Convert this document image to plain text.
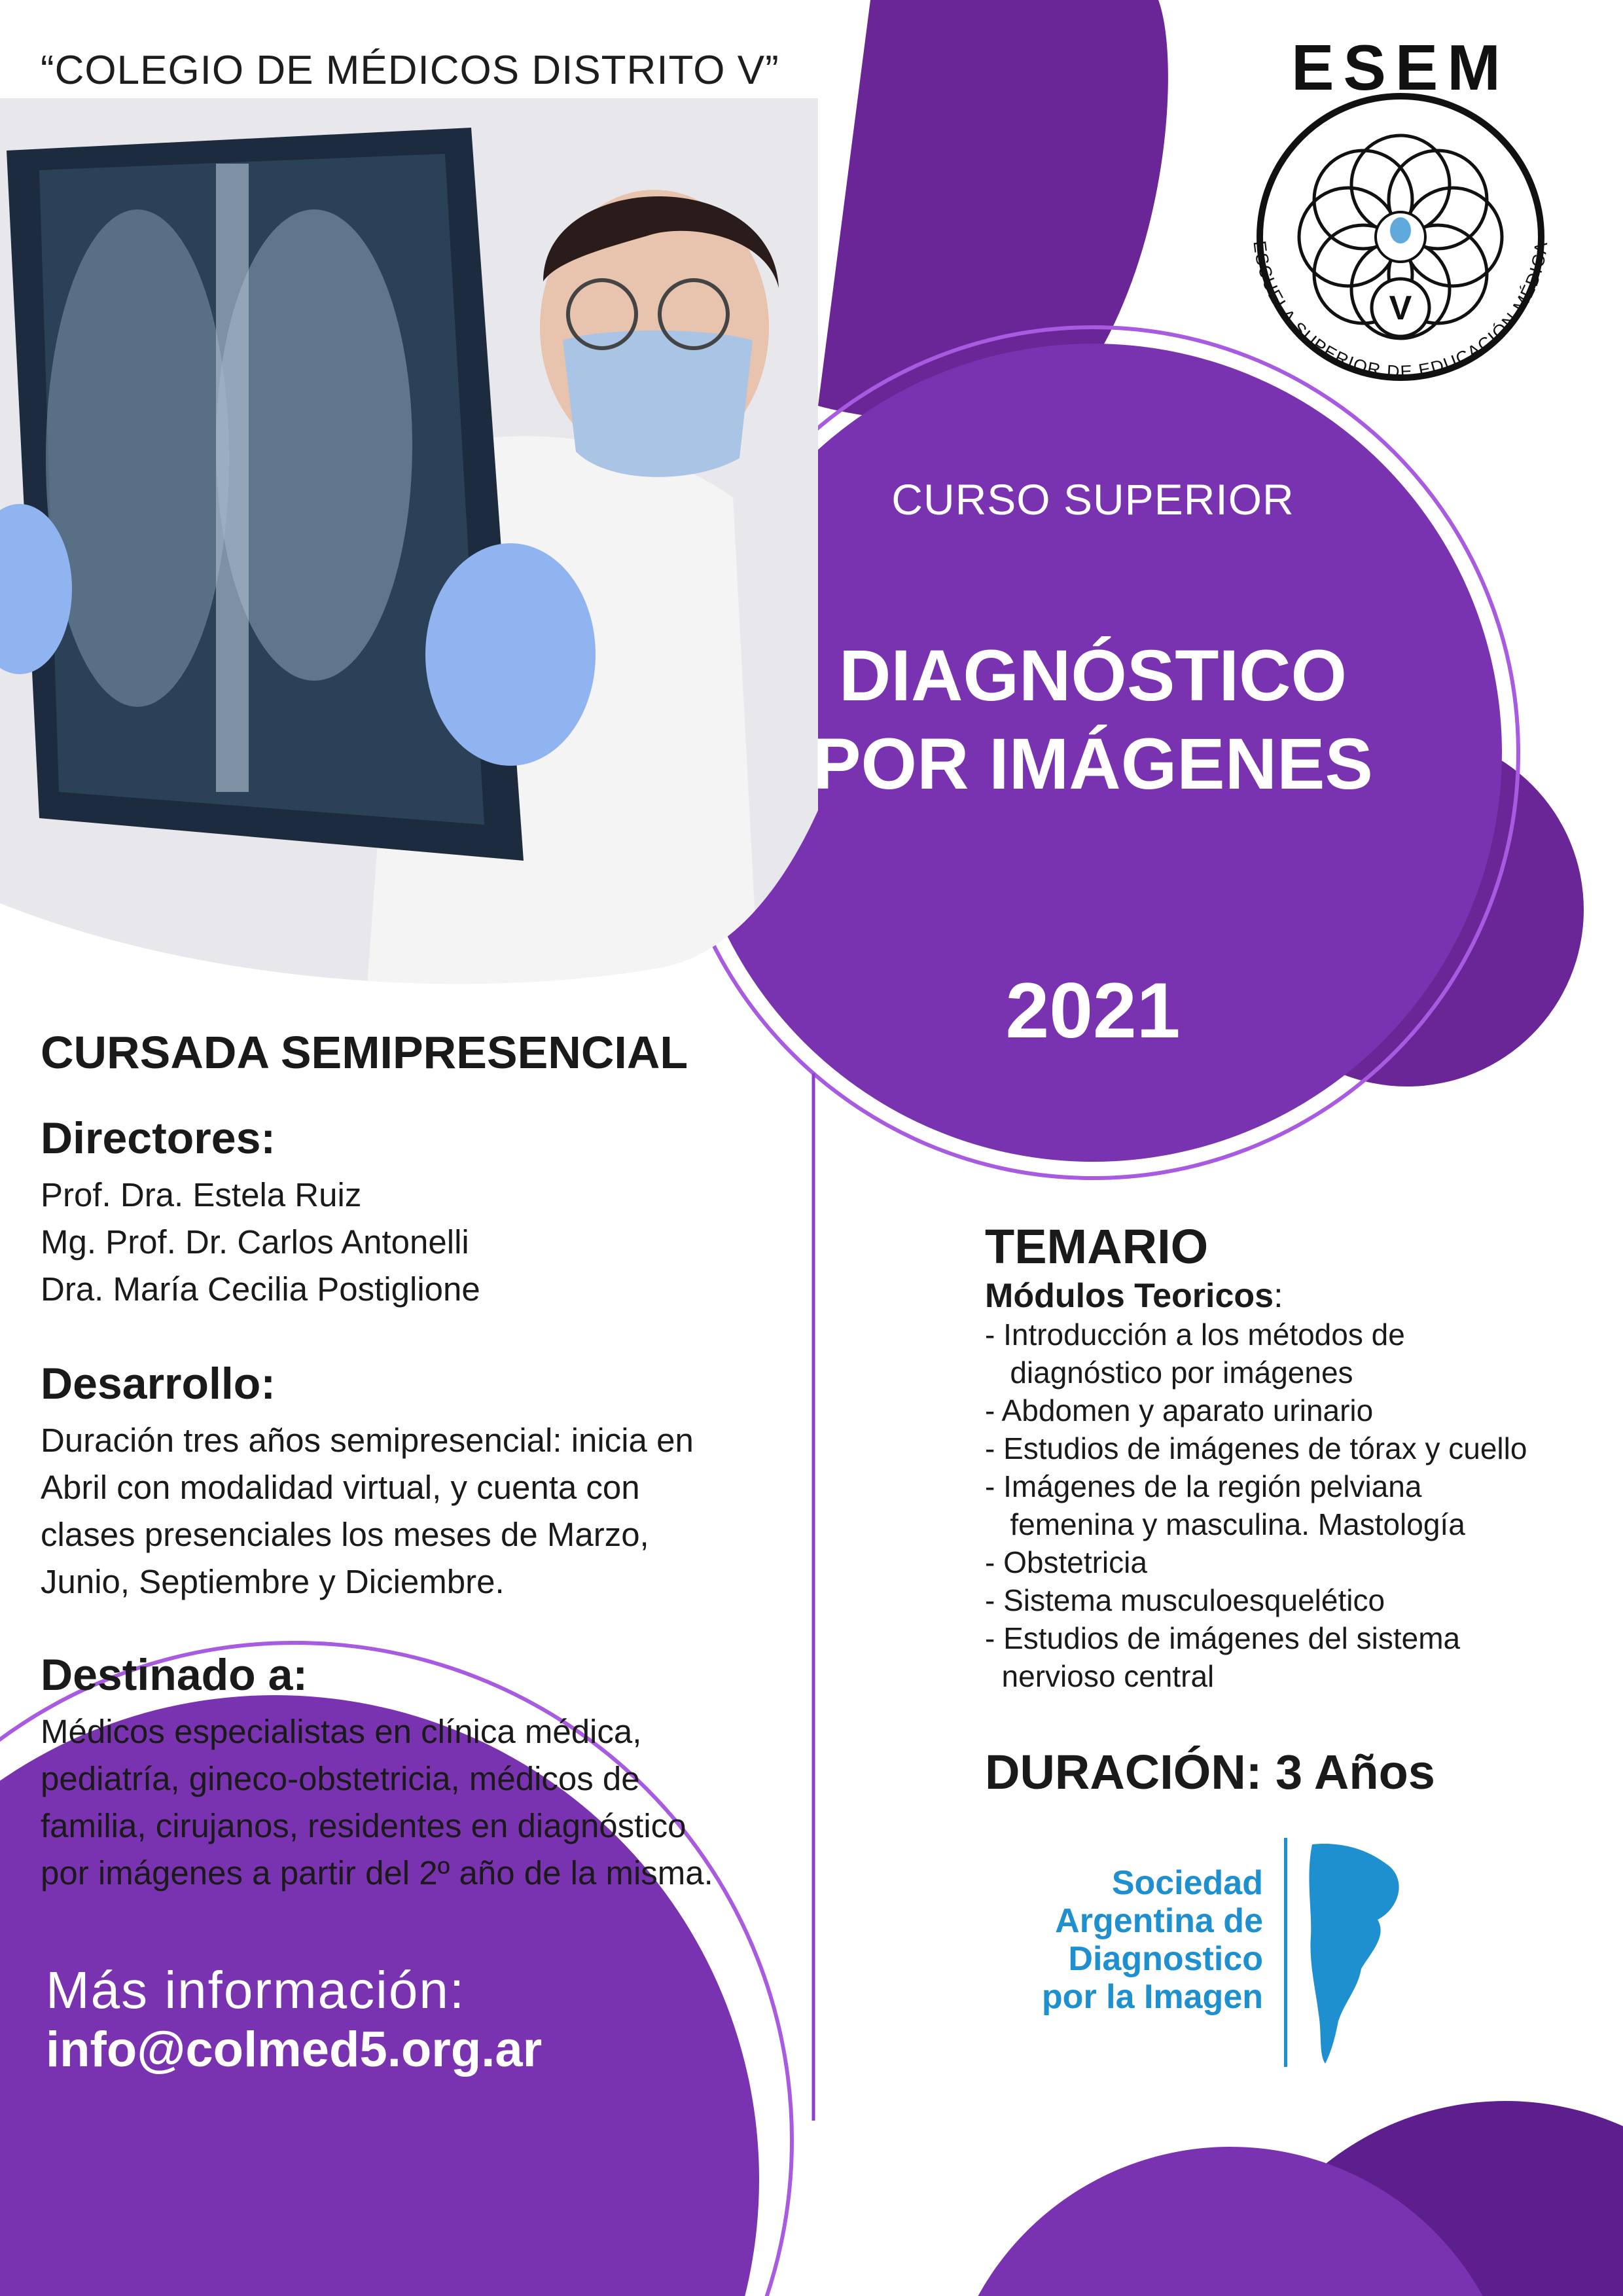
“COLEGIO DE MÉDICOS DISTRITO V”
V
ESEM
ESCUELA SUPERIOR DE EDUCACIÓN MÉDICA
CURSO SUPERIOR
DIAGNÓSTICO
POR IMÁGENES
2021
CURSADA SEMIPRESENCIAL
Directores:
Prof. Dra. Estela Ruiz
Mg. Prof. Dr. Carlos Antonelli
Dra. María Cecilia Postiglione
Desarrollo:
Duración tres años semipresencial: inicia en
Abril con modalidad virtual, y cuenta con
clases presenciales los meses de Marzo,
Junio, Septiembre y Diciembre.
Destinado a:
Médicos especialistas en clínica médica,
pediatría, gineco-obstetricia, médicos de
familia, cirujanos, residentes en diagnóstico
por imágenes a partir del 2º año de la misma.
Más información:
info@colmed5.org.ar
TEMARIO
Módulos Teoricos:
- Introducción a los métodos de
diagnóstico por imágenes
- Abdomen y aparato urinario
- Estudios de imágenes de tórax y cuello
- Imágenes de la región pelviana
femenina y masculina. Mastología
- Obstetricia
- Sistema musculoesquelético
- Estudios de imágenes del sistema
nervioso central
DURACIÓN: 3 Años
Sociedad
Argentina de
Diagnostico
por la Imagen
